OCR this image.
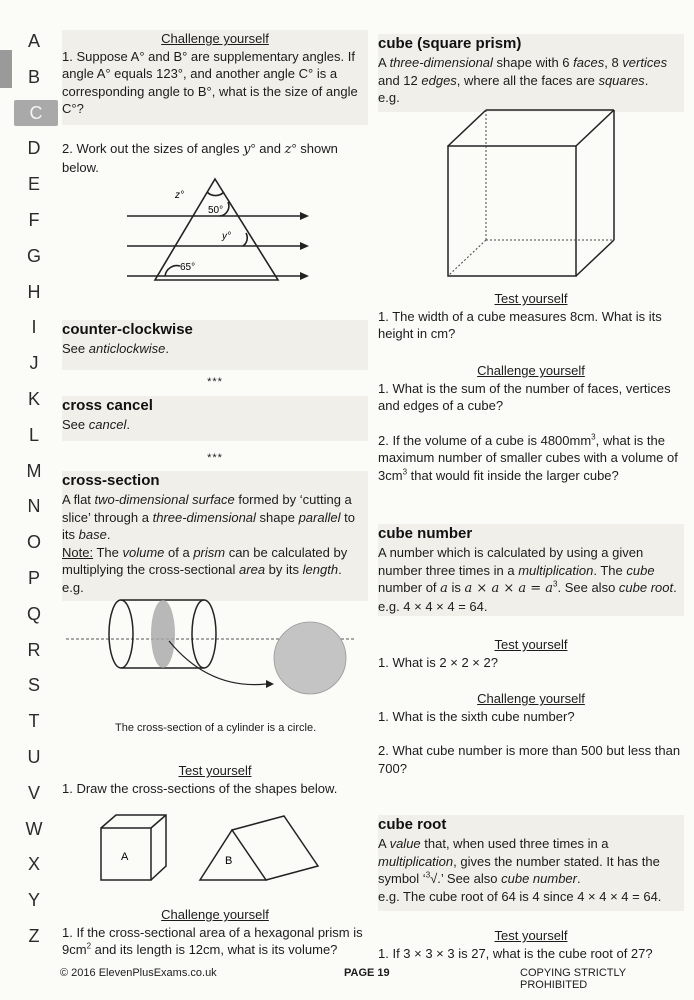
A
B
C
D
E
F
G
H
I
J
K
L
M
N
O
P
Q
R
S
T
U
V
W
X
Y
Z
Challenge yourself
1. Suppose A° and B° are supplementary angles. If angle A° equals 123°, and another angle C° is a corresponding angle to B°, what is the size of angle C°?
2. Work out the sizes of angles y° and z° shown below.
z°
50°
y°
65°
counter-clockwise
See anticlockwise.
***
cross cancel
See cancel.
***
cross-section
A flat two-dimensional surface formed by ‘cutting a slice’ through a three-dimensional shape parallel to its base.
Note: The volume of a prism can be calculated by multiplying the cross-sectional area by its length.
e.g.
The cross-section of a cylinder is a circle.
Test yourself
1. Draw the cross-sections of the shapes below.
A	B
Challenge yourself
1. If the cross-sectional area of a hexagonal prism is $9cm^2$ and its length is 12cm, what is its volume?
cube (square prism)
A three-dimensional shape with 6 faces, 8 vertices and 12 edges, where all the faces are squares.
e.g.
Test yourself
1. The width of a cube measures 8cm. What is its height in cm?
Challenge yourself
1. What is the sum of the number of faces, vertices and edges of a cube?
2. If the volume of a cube is $4800mm^3$, what is the maximum number of smaller cubes with a volume of $3cm^3$ that would fit inside the larger cube?
cube number
A number which is calculated by using a given number three times in a multiplication. The cube number of a is $a \times a \times a = a^3$. See also cube root.
e.g. 4 × 4 × 4 = 64.
Test yourself
1. What is 2 × 2 × 2?
Challenge yourself
1. What is the sixth cube number?
2. What cube number is more than 500 but less than 700?
cube root
A value that, when used three times in a multiplication, gives the number stated. It has the symbol ‘$^3$√.’ See also cube number.
e.g. The cube root of 64 is 4 since 4 × 4 × 4 = 64.
Test yourself
1. If 3 × 3 × 3 is 27, what is the cube root of 27?
© 2016 ElevenPlusExams.co.uk	PAGE 19	COPYING STRICTLY PROHIBITED
